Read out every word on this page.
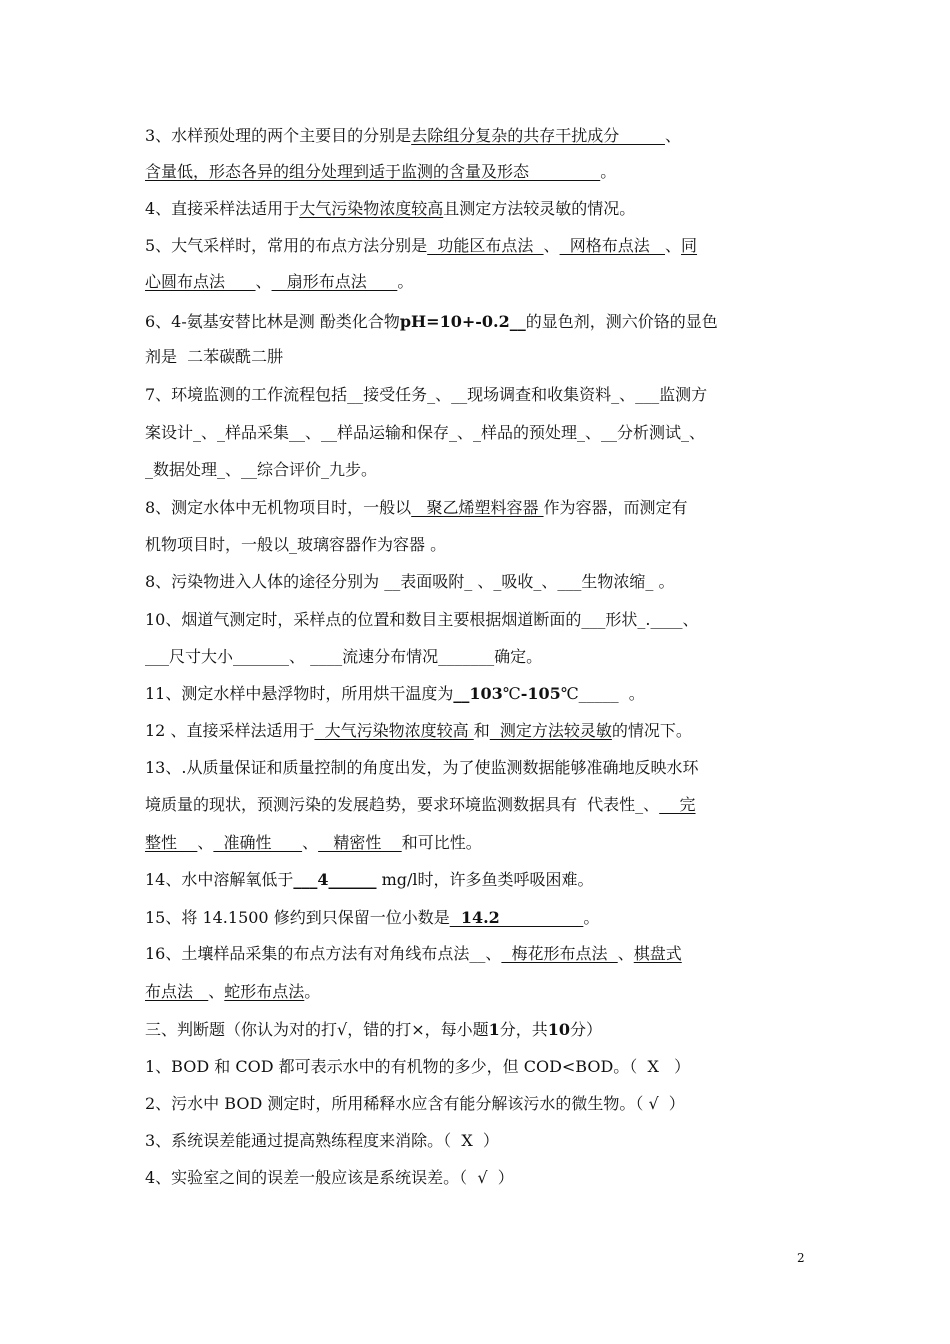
3、水样预处理的两个主要目的分别是去除组分复杂的共存干扰成分         、
含量低，形态各异的组分处理到适于监测的含量及形态              。
4、直接采样法适用于大气污染物浓度较高且测定方法较灵敏的情况。
5、大气采样时，常用的布点方法分别是  功能区布点法  、  网格布点法   、同
心圆布点法      、   扇形布点法      。
6、4-氨基安替比林是测 酚类化合物pH=10+-0.2__的显色剂，测六价铬的显色
剂是  二苯碳酰二肼
7、环境监测的工作流程包括__接受任务_、__现场调查和收集资料_、___监测方
案设计_、_样品采集__、__样品运输和保存_、_样品的预处理_、__分析测试_、
_数据处理_、__综合评价_九步。
8、测定水体中无机物项目时，一般以   聚乙烯塑料容器 作为容器，而测定有
机物项目时，一般以_玻璃容器作为容器 。
8、污染物进入人体的途径分别为 __表面吸附_ 、_吸收_、___生物浓缩_ 。
10、烟道气测定时，采样点的位置和数目主要根据烟道断面的___形状_.____、
___尺寸大小_______、 ____流速分布情况_______确定。
11、测定水样中悬浮物时，所用烘干温度为__103℃-105℃_____  。
12 、直接采样法适用于  大气污染物浓度较高 和  测定方法较灵敏的情况下。
13、.从质量保证和质量控制的角度出发，为了使监测数据能够准确地反映水环
境质量的现状，预测污染的发展趋势，要求环境监测数据具有  代表性_、    完
整性    、  准确性      、   精密性    和可比性。
14、水中溶解氧低于___4______ mg/l时，许多鱼类呼吸困难。
15、将 14.1500 修约到只保留一位小数是  14.2               。
16、土壤样品采集的布点方法有对角线布点法__、  梅花形布点法  、棋盘式
布点法   、蛇形布点法。
三、判断题（你认为对的打√，错的打×，每小题1分，共10分）
1、BOD 和 COD 都可表示水中的有机物的多少，但 COD<BOD。（  X   ）
2、污水中 BOD 测定时，所用稀释水应含有能分解该污水的微生物。（ √  ）
3、系统误差能通过提高熟练程度来消除。（  X  ）
4、实验室之间的误差一般应该是系统误差。（  √  ）
2
